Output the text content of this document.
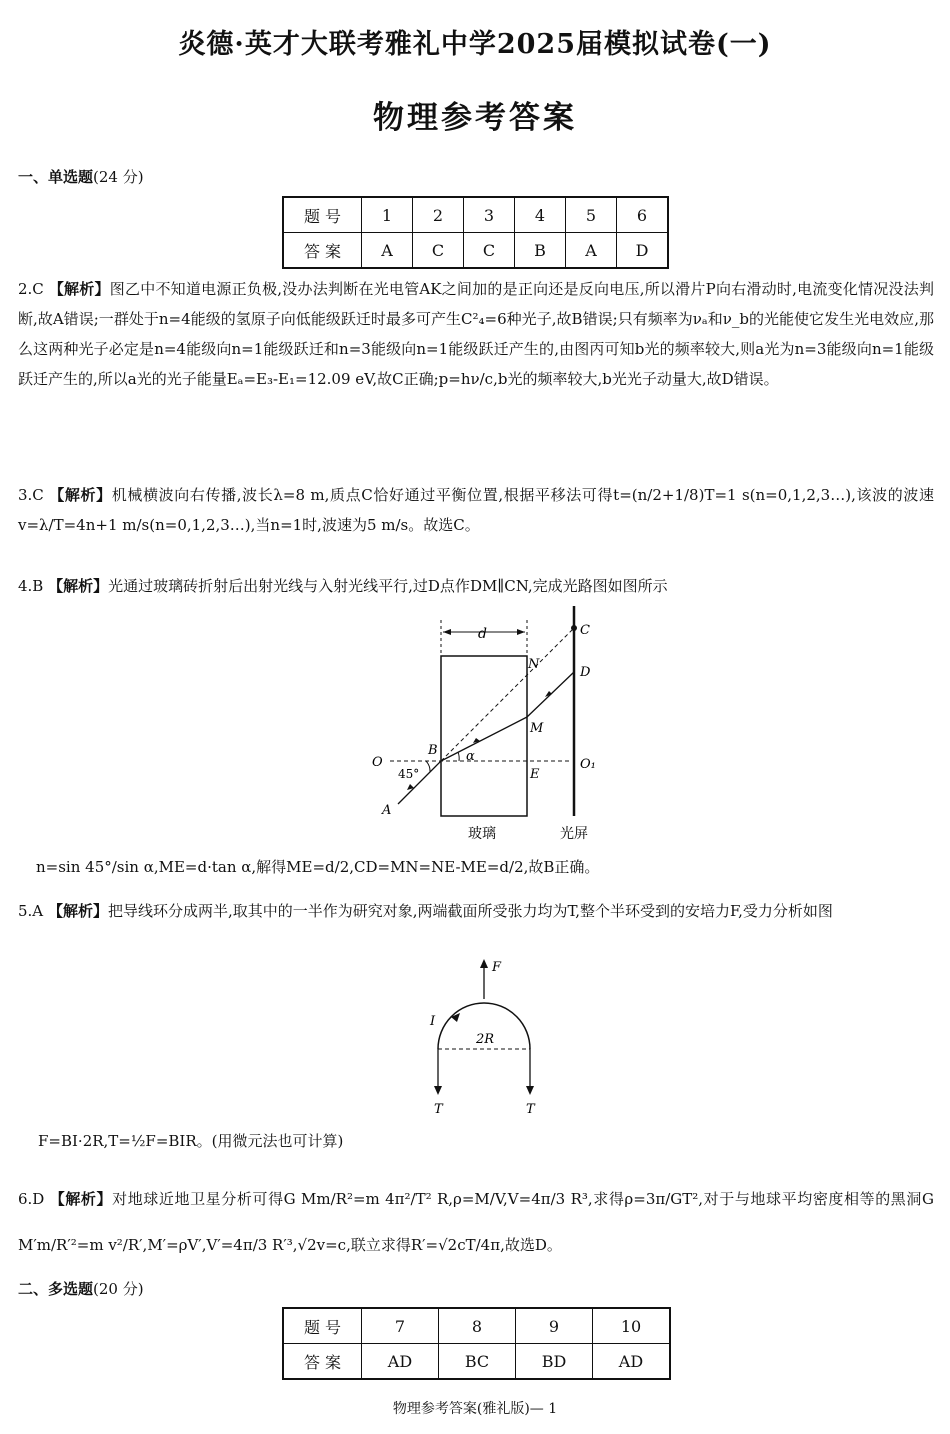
炎德·英才大联考雅礼中学2025届模拟试卷(一)
物理参考答案
一、单选题(24 分)
题 号	1	2	3	4	5	6
答 案	A	C	C	B	A	D
2.C 【解析】图乙中不知道电源正负极,没办法判断在光电管AK之间加的是正向还是反向电压,所以滑片P向右滑动时,电流变化情况没法判断,故A错误;一群处于n=4能级的氢原子向低能级跃迁时最多可产生C²₄=6种光子,故B错误;只有频率为νₐ和ν_b的光能使它发生光电效应,那么这两种光子必定是n=4能级向n=1能级跃迁和n=3能级向n=1能级跃迁产生的,由图丙可知b光的频率较大,则a光为n=3能级向n=1能级跃迁产生的,所以a光的光子能量Eₐ=E₃-E₁=12.09 eV,故C正确;p=hν/c,b光的频率较大,b光光子动量大,故D错误。
3.C 【解析】机械横波向右传播,波长λ=8 m,质点C恰好通过平衡位置,根据平移法可得t=(n/2+1/8)T=1 s(n=0,1,2,3…),该波的波速v=λ/T=4n+1 m/s(n=0,1,2,3…),当n=1时,波速为5 m/s。故选C。
4.B 【解析】光通过玻璃砖折射后出射光线与入射光线平行,过D点作DM∥CN,完成光路图如图所示
d	C
N
D
M
B α
O
45°	E
O₁
A
玻璃	光屏
n=sin 45°/sin α,ME=d·tan α,解得ME=d/2,CD=MN=NE-ME=d/2,故B正确。
5.A 【解析】把导线环分成两半,取其中的一半作为研究对象,两端截面所受张力均为T,整个半环受到的安培力F,受力分析如图
F
I
2R
T	T
F=BI·2R,T=½F=BIR。(用微元法也可计算)
6.D 【解析】对地球近地卫星分析可得G Mm/R²=m 4π²/T² R,ρ=M/V,V=4π/3 R³,求得ρ=3π/GT²,对于与地球平均密度相等的黑洞G M′m/R′²=m v²/R′,M′=ρV′,V′=4π/3 R′³,√2v=c,联立求得R′=√2cT/4π,故选D。
二、多选题(20 分)
题 号	7	8	9	10
答 案	AD	BC	BD	AD
物理参考答案(雅礼版)— 1
